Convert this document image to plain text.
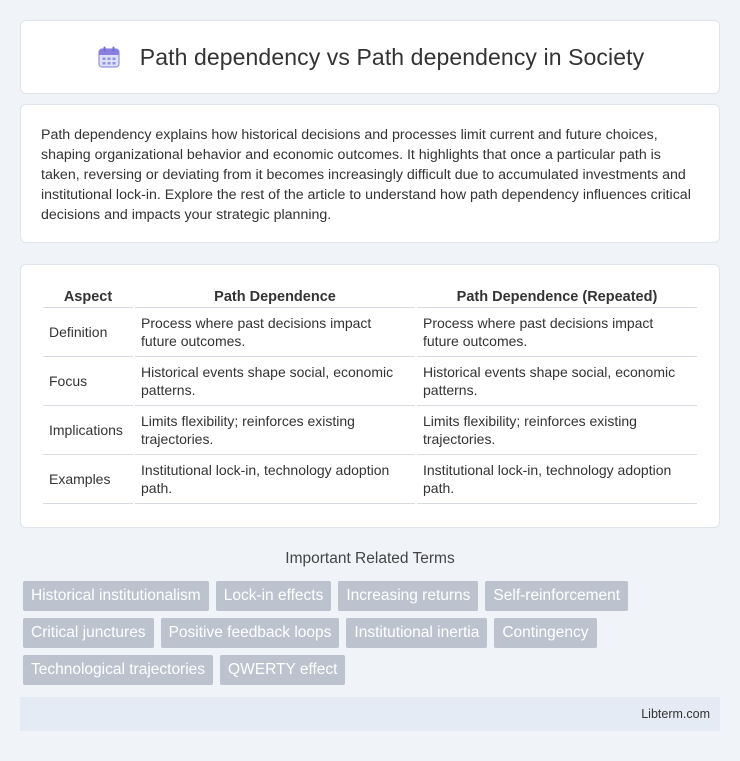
Path dependency vs Path dependency in Society

Path dependency explains how historical decisions and processes limit current and future choices, shaping organizational behavior and economic outcomes. It highlights that once a particular path is taken, reversing or deviating from it becomes increasingly difficult due to accumulated investments and institutional lock-in. Explore the rest of the article to understand how path dependency influences critical decisions and impacts your strategic planning.

Aspect	Path Dependence	Path Dependence (Repeated)
Definition	Process where past decisions impact future outcomes.	Process where past decisions impact future outcomes.
Focus	Historical events shape social, economic patterns.	Historical events shape social, economic patterns.
Implications	Limits flexibility; reinforces existing trajectories.	Limits flexibility; reinforces existing trajectories.
Examples	Institutional lock-in, technology adoption path.	Institutional lock-in, technology adoption path.
Important Related Terms
Historical institutionalism	Lock-in effects	Increasing returns	Self-reinforcement
Critical junctures	Positive feedback loops	Institutional inertia	Contingency
Technological trajectories	QWERTY effect
Libterm.com
